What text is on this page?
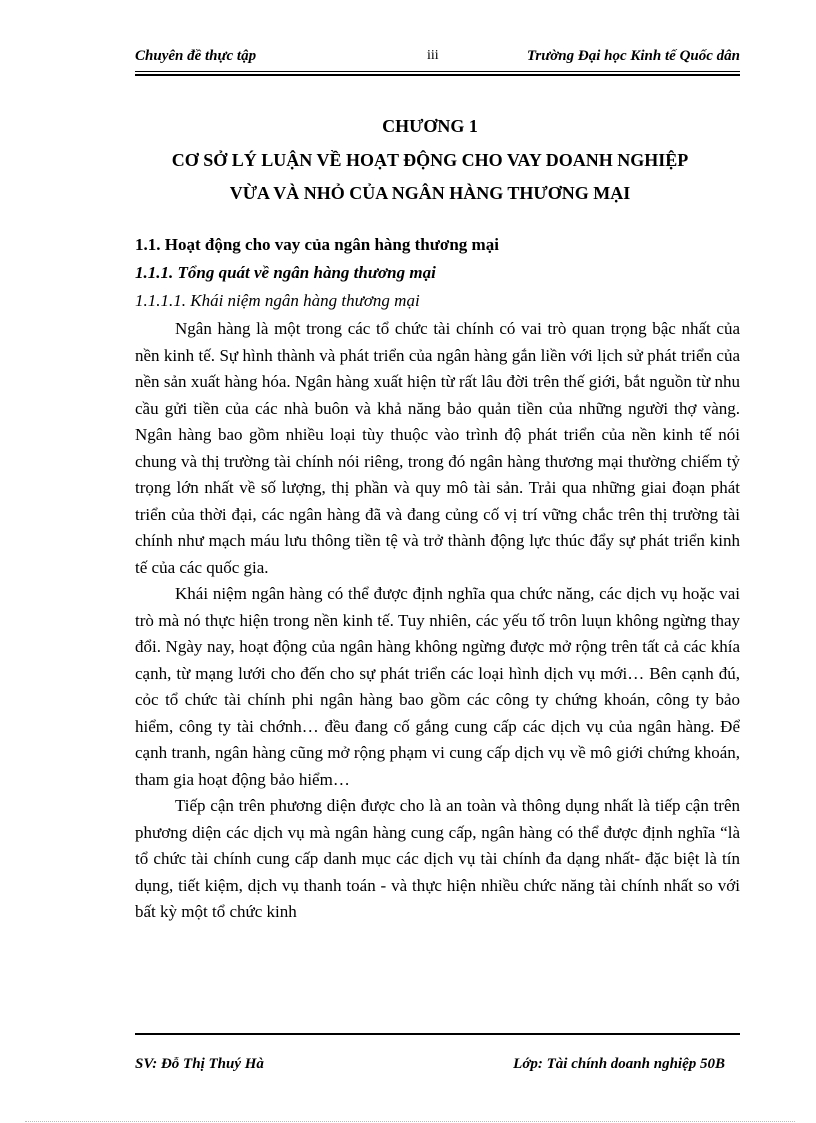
Chuyên đề thực tập	iii	Trường Đại học Kinh tế Quốc dân
CHƯƠNG 1
CƠ SỞ LÝ LUẬN VỀ HOẠT ĐỘNG CHO VAY DOANH NGHIỆP
VỪA VÀ NHỎ CỦA NGÂN HÀNG THƯƠNG MẠI
1.1. Hoạt động cho vay của ngân hàng thương mại
1.1.1. Tổng quát về ngân hàng thương mại
1.1.1.1. Khái niệm ngân hàng thương mại

Ngân hàng là một trong các tổ chức tài chính có vai trò quan trọng bậc nhất của nền kinh tế. Sự hình thành và phát triển của ngân hàng gắn liền với lịch sử phát triển của nền sản xuất hàng hóa. Ngân hàng xuất hiện từ rất lâu đời trên thế giới, bắt nguồn từ nhu cầu gửi tiền của các nhà buôn và khả năng bảo quản tiền của những người thợ vàng. Ngân hàng bao gồm nhiều loại tùy thuộc vào trình độ phát triển của nền kinh tế nói chung và thị trường tài chính nói riêng, trong đó ngân hàng thương mại thường chiếm tỷ trọng lớn nhất về số lượng, thị phần và quy mô tài sản. Trải qua những giai đoạn phát triển của thời đại, các ngân hàng đã và đang củng cố vị trí vững chắc trên thị trường tài chính như mạch máu lưu thông tiền tệ và trở thành động lực thúc đẩy sự phát triển kinh tế của các quốc gia.

Khái niệm ngân hàng có thể được định nghĩa qua chức năng, các dịch vụ hoặc vai trò mà nó thực hiện trong nền kinh tế. Tuy nhiên, các yếu tố trôn luụn không ngừng thay đổi. Ngày nay, hoạt động của ngân hàng không ngừng được mở rộng trên tất cả các khía cạnh, từ mạng lưới cho đến cho sự phát triển các loại hình dịch vụ mới… Bên cạnh đú, cỏc tổ chức tài chính phi ngân hàng bao gồm các công ty chứng khoán, công ty bảo hiểm, công ty tài chớnh… đều đang cố gắng cung cấp các dịch vụ của ngân hàng. Để cạnh tranh, ngân hàng cũng mở rộng phạm vi cung cấp dịch vụ về mô giới chứng khoán, tham gia hoạt động bảo hiểm…

Tiếp cận trên phương diện được cho là an toàn và thông dụng nhất là tiếp cận trên phương diện các dịch vụ mà ngân hàng cung cấp, ngân hàng có thể được định nghĩa “là tổ chức tài chính cung cấp danh mục các dịch vụ tài chính đa dạng nhất- đặc biệt là tín dụng, tiết kiệm, dịch vụ thanh toán - và thực hiện nhiều chức năng tài chính nhất so với bất kỳ một tổ chức kinh

SV: Đỗ Thị Thuý Hà	Lớp: Tài chính doanh nghiệp 50B
